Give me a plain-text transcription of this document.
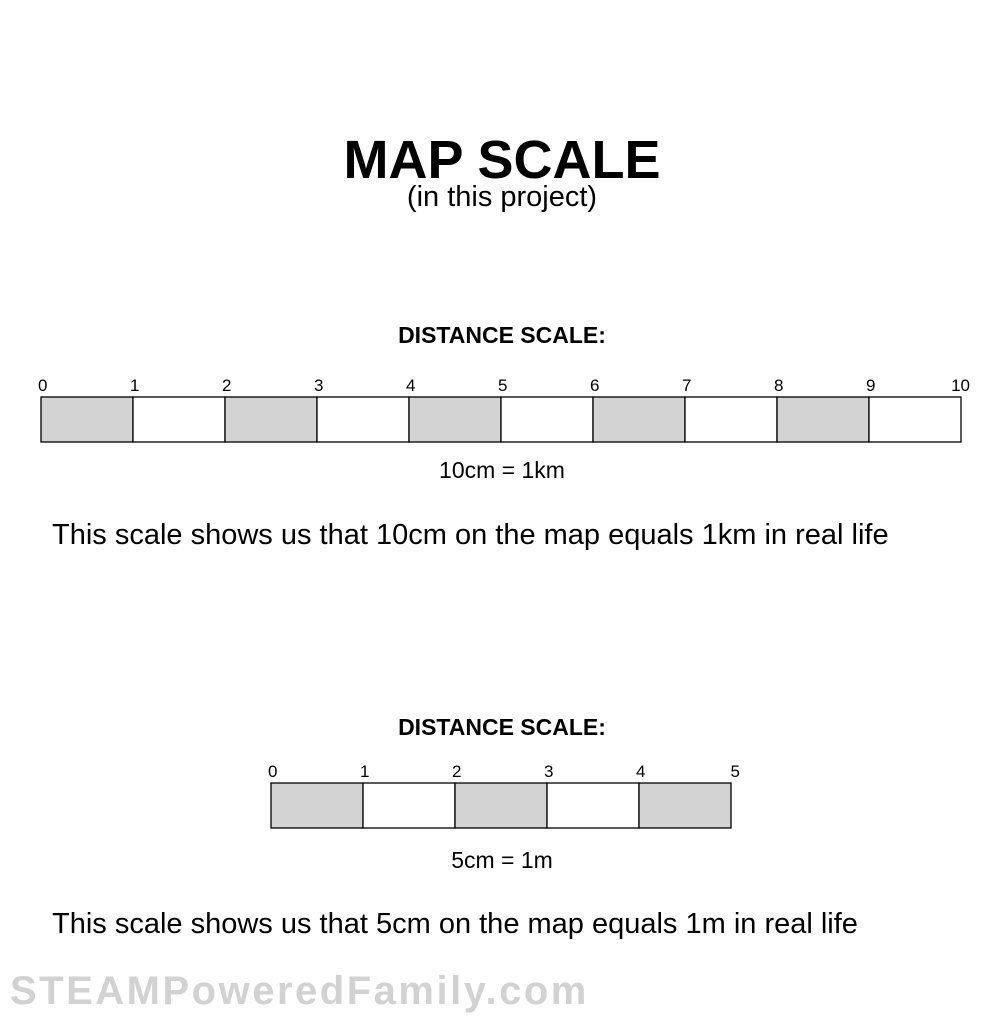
MAP SCALE
(in this project)
DISTANCE SCALE:
0	1	2	3	4	5	6	7	8	9	10
10cm = 1km
This scale shows us that 10cm on the map equals 1km in real life
DISTANCE SCALE:
0	1	2	3	4	5
5cm = 1m
This scale shows us that 5cm on the map equals 1m in real life
STEAMPoweredFamily.com
